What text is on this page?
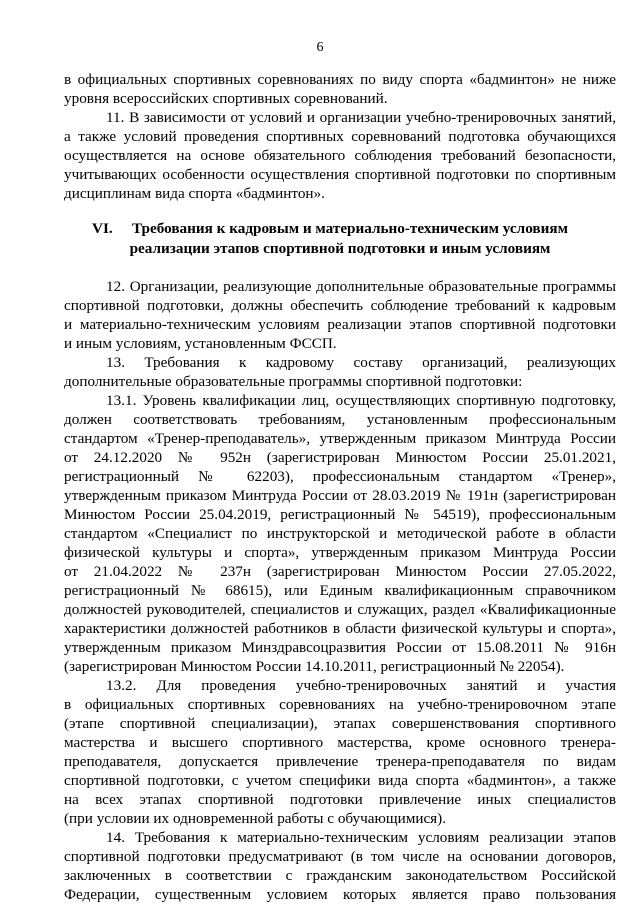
6
в официальных спортивных соревнованиях по виду спорта «бадминтон» не ниже
уровня всероссийских спортивных соревнований.
11. В зависимости от условий и организации учебно-тренировочных занятий,
а также условий проведения спортивных соревнований подготовка обучающихся
осуществляется на основе обязательного соблюдения требований безопасности,
учитывающих особенности осуществления спортивной подготовки по спортивным
дисциплинам вида спорта «бадминтон».
VI. Требования к кадровым и материально-техническим условиям
реализации этапов спортивной подготовки и иным условиям
12. Организации, реализующие дополнительные образовательные программы
спортивной подготовки, должны обеспечить соблюдение требований к кадровым
и материально-техническим условиям реализации этапов спортивной подготовки
и иным условиям, установленным ФССП.
13. Требования к кадровому составу организаций, реализующих
дополнительные образовательные программы спортивной подготовки:
13.1. Уровень квалификации лиц, осуществляющих спортивную подготовку,
должен соответствовать требованиям, установленным профессиональным
стандартом «Тренер-преподаватель», утвержденным приказом Минтруда России
от 24.12.2020 № 952н (зарегистрирован Минюстом России 25.01.2021,
регистрационный № 62203), профессиональным стандартом «Тренер»,
утвержденным приказом Минтруда России от 28.03.2019 № 191н (зарегистрирован
Минюстом России 25.04.2019, регистрационный № 54519), профессиональным
стандартом «Специалист по инструкторской и методической работе в области
физической культуры и спорта», утвержденным приказом Минтруда России
от 21.04.2022 № 237н (зарегистрирован Минюстом России 27.05.2022,
регистрационный № 68615), или Единым квалификационным справочником
должностей руководителей, специалистов и служащих, раздел «Квалификационные
характеристики должностей работников в области физической культуры и спорта»,
утвержденным приказом Минздравсоцразвития России от 15.08.2011 № 916н
(зарегистрирован Минюстом России 14.10.2011, регистрационный № 22054).
13.2. Для проведения учебно-тренировочных занятий и участия
в официальных спортивных соревнованиях на учебно-тренировочном этапе
(этапе спортивной специализации), этапах совершенствования спортивного
мастерства и высшего спортивного мастерства, кроме основного тренера-
преподавателя, допускается привлечение тренера-преподавателя по видам
спортивной подготовки, с учетом специфики вида спорта «бадминтон», а также
на всех этапах спортивной подготовки привлечение иных специалистов
(при условии их одновременной работы с обучающимися).
14. Требования к материально-техническим условиям реализации этапов
спортивной подготовки предусматривают (в том числе на основании договоров,
заключенных в соответствии с гражданским законодательством Российской
Федерации, существенным условием которых является право пользования
